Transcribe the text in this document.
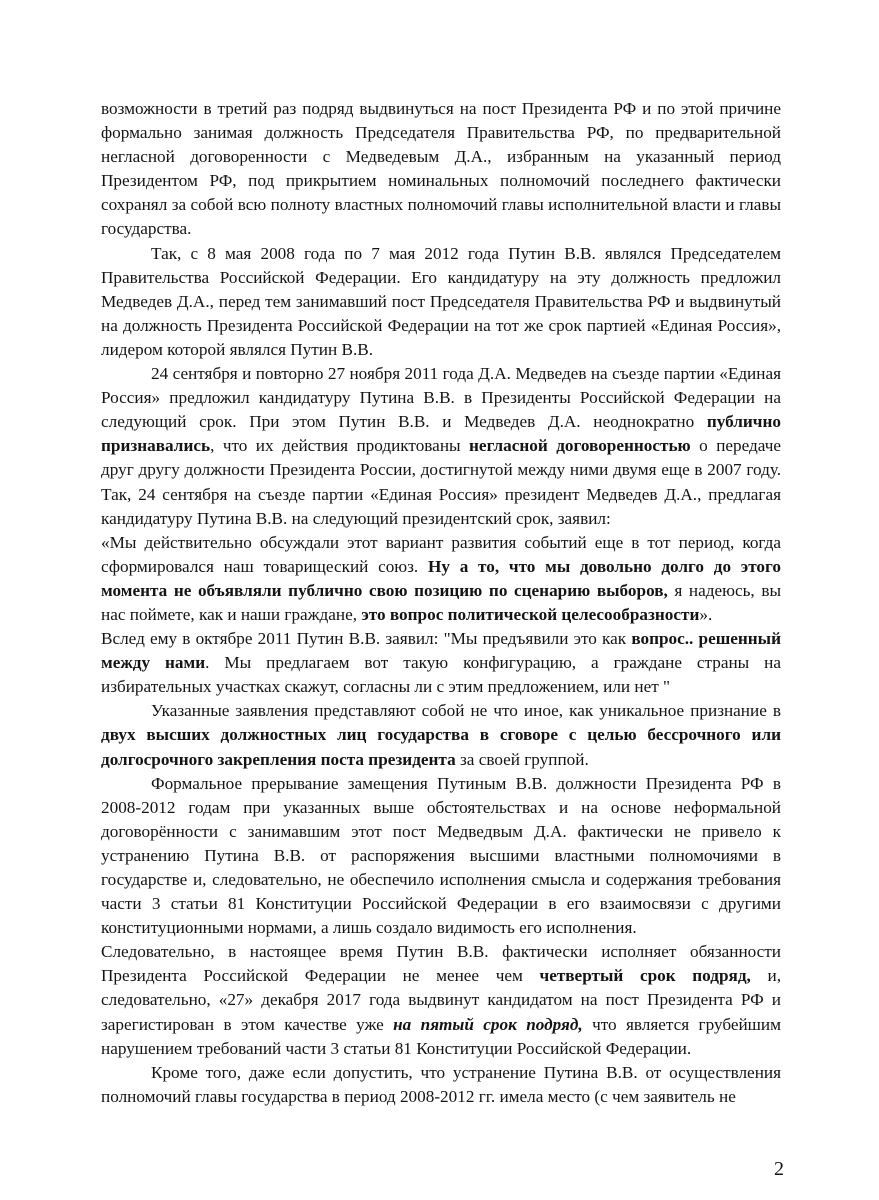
возможности в третий раз подряд выдвинуться на пост Президента РФ и по этой причине формально занимая должность Председателя Правительства РФ, по предварительной негласной договоренности с Медведевым Д.А., избранным на указанный период Президентом РФ, под прикрытием номинальных полномочий последнего фактически сохранял за собой всю полноту властных полномочий главы исполнительной власти и главы государства.

Так, с 8 мая 2008 года по 7 мая 2012 года Путин В.В. являлся Председателем Правительства Российской Федерации. Его кандидатуру на эту должность предложил Медведев Д.А., перед тем занимавший пост Председателя Правительства РФ и выдвинутый на должность Президента Российской Федерации на тот же срок партией «Единая Россия», лидером которой являлся Путин В.В.

24 сентября и повторно 27 ноября 2011 года Д.А. Медведев на съезде партии «Единая Россия» предложил кандидатуру Путина В.В. в Президенты Российской Федерации на следующий срок. При этом Путин В.В. и Медведев Д.А. неоднократно публично признавались, что их действия продиктованы негласной договоренностью о передаче друг другу должности Президента России, достигнутой между ними двумя еще в 2007 году. Так, 24 сентября на съезде партии «Единая Россия» президент Медведев Д.А., предлагая кандидатуру Путина В.В. на следующий президентский срок, заявил:

«Мы действительно обсуждали этот вариант развития событий еще в тот период, когда сформировался наш товарищеский союз. Ну а то, что мы довольно долго до этого момента не объявляли публично свою позицию по сценарию выборов, я надеюсь, вы нас поймете, как и наши граждане, это вопрос политической целесообразности».

Вслед ему в октябре 2011 Путин В.В. заявил: "Мы предъявили это как вопрос.. решенный между нами. Мы предлагаем вот такую конфигурацию, а граждане страны на избирательных участках скажут, согласны ли с этим предложением, или нет "

Указанные заявления представляют собой не что иное, как уникальное признание в двух высших должностных лиц государства в сговоре с целью бессрочного или долгосрочного закрепления поста президента за своей группой.

Формальное прерывание замещения Путиным В.В. должности Президента РФ в 2008-2012 годам при указанных выше обстоятельствах и на основе неформальной договорённости с занимавшим этот пост Медведвым Д.А. фактически не привело к устранению Путина В.В. от распоряжения высшими властными полномочиями в государстве и, следовательно, не обеспечило исполнения смысла и содержания требования части 3 статьи 81 Конституции Российской Федерации в его взаимосвязи с другими конституционными нормами, а лишь создало видимость его исполнения.

Следовательно, в настоящее время Путин В.В. фактически исполняет обязанности Президента Российской Федерации не менее чем четвертый срок подряд, и, следовательно, «27» декабря 2017 года выдвинут кандидатом на пост Президента РФ и зарегистирован в этом качестве уже на пятый срок подряд, что является грубейшим нарушением требований части 3 статьи 81 Конституции Российской Федерации.

Кроме того, даже если допустить, что устранение Путина В.В. от осуществления полномочий главы государства в период 2008-2012 гг. имела место (с чем заявитель не

2
